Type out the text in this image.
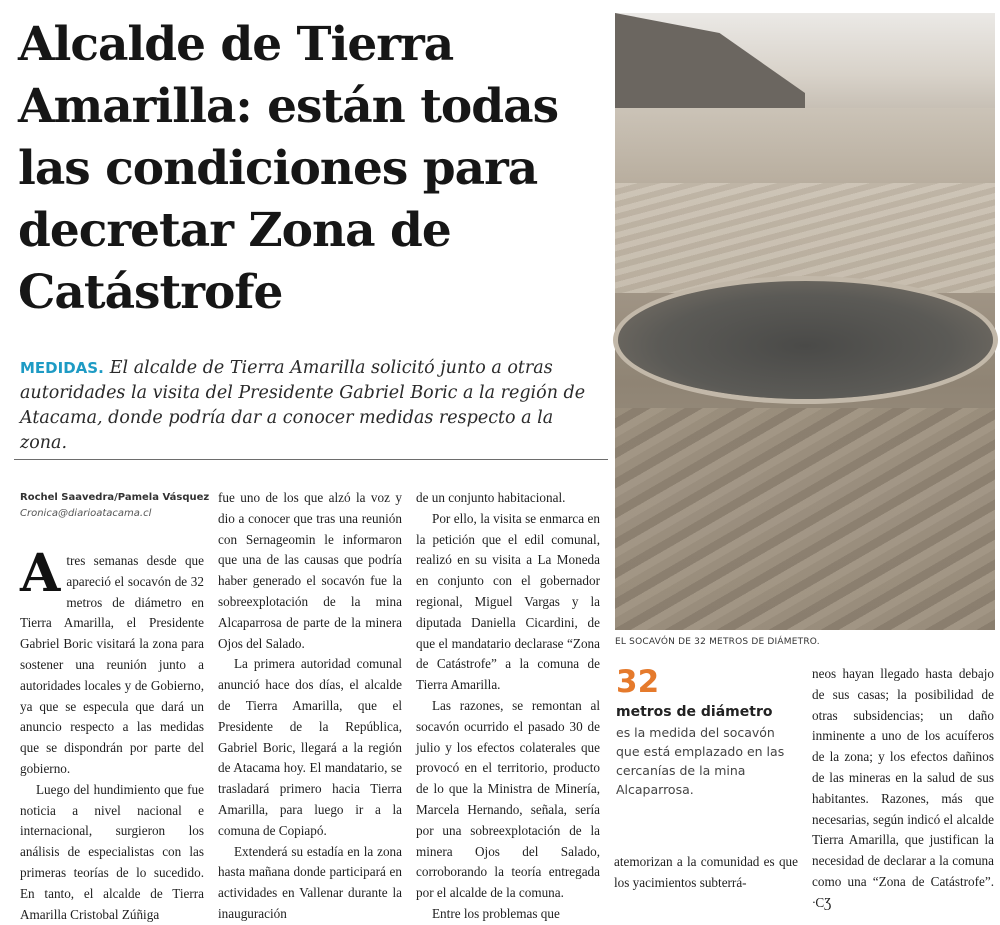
Alcalde de Tierra Amarilla: están todas las condiciones para decretar Zona de Catástrofe

MEDIDAS. El alcalde de Tierra Amarilla solicitó junto a otras autoridades la visita del Presidente Gabriel Boric a la región de Atacama, donde podría dar a conocer medidas respecto a la zona.

Rochel Saavedra/Pamela Vásquez
Cronica@diarioatacama.cl

Atres semanas desde que apareció el socavón de 32 metros de diámetro en Tierra Amarilla, el Presidente Gabriel Boric visitará la zona para sostener una reunión junto a autoridades locales y de Gobierno, ya que se especula que dará un anuncio respecto a las medidas que se dispondrán por parte del gobierno.

Luego del hundimiento que fue noticia a nivel nacional e internacional, surgieron los análisis de especialistas con las primeras teorías de lo sucedido. En tanto, el alcalde de Tierra Amarilla Cristobal Zúñiga

fue uno de los que alzó la voz y dio a conocer que tras una reunión con Sernageomin le informaron que una de las causas que podría haber generado el socavón fue la sobreexplotación de la mina Alcaparrosa de parte de la minera Ojos del Salado.

La primera autoridad comunal anunció hace dos días, el alcalde de Tierra Amarilla, que el Presidente de la República, Gabriel Boric, llegará a la región de Atacama hoy. El mandatario, se trasladará primero hacia Tierra Amarilla, para luego ir a la comuna de Copiapó.

Extenderá su estadía en la zona hasta mañana donde participará en actividades en Vallenar durante la inauguración

de un conjunto habitacional.

Por ello, la visita se enmarca en la petición que el edil comunal, realizó en su visita a La Moneda en conjunto con el gobernador regional, Miguel Vargas y la diputada Daniella Cicardini, de que el mandatario declarase “Zona de Catástrofe” a la comuna de Tierra Amarilla.

Las razones, se remontan al socavón ocurrido el pasado 30 de julio y los efectos colaterales que provocó en el territorio, producto de lo que la Ministra de Minería, Marcela Hernando, señala, sería por una sobreexplotación de la minera Ojos del Salado, corroborando la teoría entregada por el alcalde de la comuna.

Entre los problemas que

EL SOCAVÓN DE 32 METROS DE DIÁMETRO.
32
metros de diámetro
es la medida del socavón que está emplazado en las cercanías de la mina Alcaparrosa.

atemorizan a la comunidad es que los yacimientos subterrá-

neos hayan llegado hasta debajo de sus casas; la posibilidad de otras subsidencias; un daño inminente a uno de los acuíferos de la zona; y los efectos dañinos de las mineras en la salud de sus habitantes. Razones, más que necesarias, según indicó el alcalde Tierra Amarilla, que justifican la necesidad de declarar a la comuna como una “Zona de Catástrofe”. ᐧCƷ
